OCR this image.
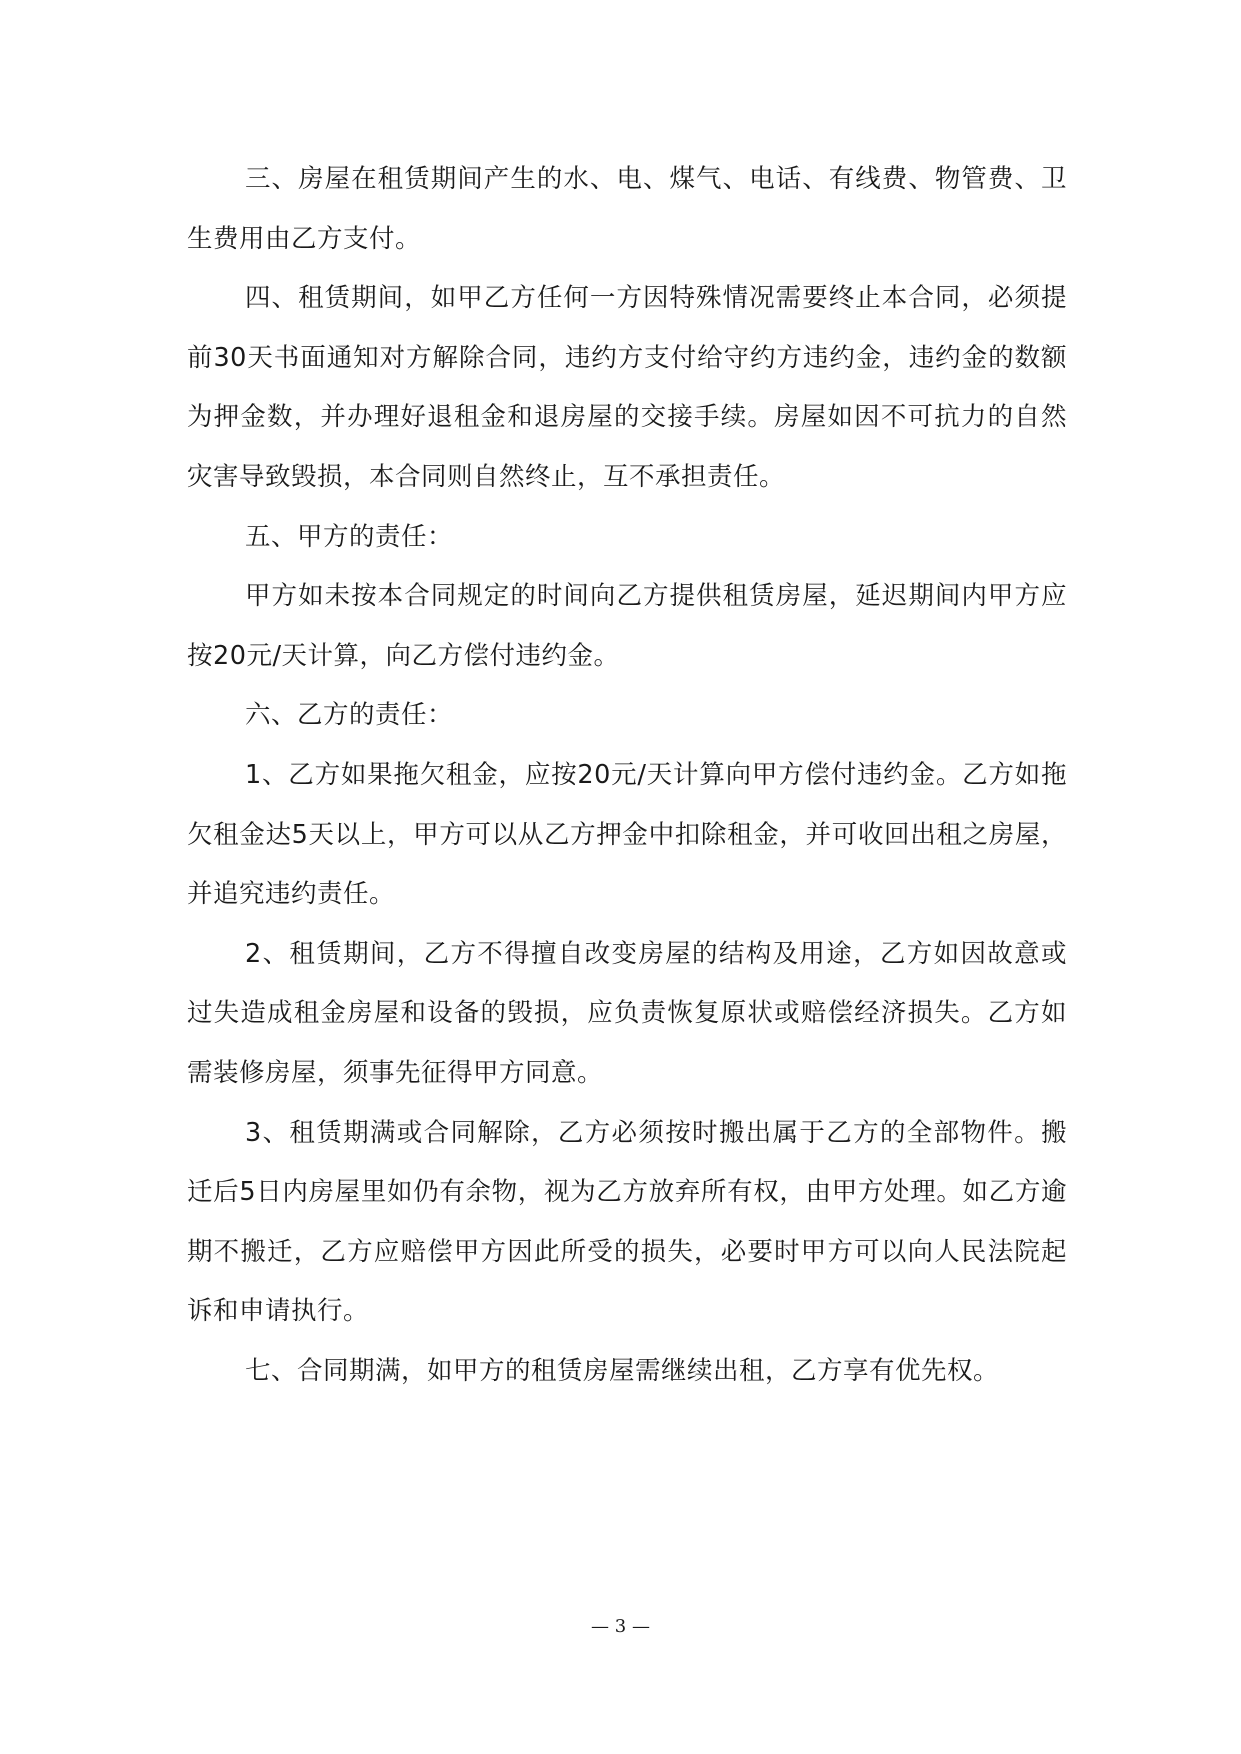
三、房屋在租赁期间产生的水、电、煤气、电话、有线费、物管费、卫生费用由乙方支付。

四、租赁期间，如甲乙方任何一方因特殊情况需要终止本合同，必须提前30天书面通知对方解除合同，违约方支付给守约方违约金，违约金的数额为押金数，并办理好退租金和退房屋的交接手续。房屋如因不可抗力的自然灾害导致毁损，本合同则自然终止，互不承担责任。

五、甲方的责任：

甲方如未按本合同规定的时间向乙方提供租赁房屋，延迟期间内甲方应按20元/天计算，向乙方偿付违约金。

六、乙方的责任：

1、乙方如果拖欠租金，应按20元/天计算向甲方偿付违约金。乙方如拖欠租金达5天以上，甲方可以从乙方押金中扣除租金，并可收回出租之房屋，并追究违约责任。

2、租赁期间，乙方不得擅自改变房屋的结构及用途，乙方如因故意或过失造成租金房屋和设备的毁损，应负责恢复原状或赔偿经济损失。乙方如需装修房屋，须事先征得甲方同意。

3、租赁期满或合同解除，乙方必须按时搬出属于乙方的全部物件。搬迁后5日内房屋里如仍有余物，视为乙方放弃所有权，由甲方处理。如乙方逾期不搬迁，乙方应赔偿甲方因此所受的损失，必要时甲方可以向人民法院起诉和申请执行。

七、合同期满，如甲方的租赁房屋需继续出租，乙方享有优先权。

— 3 —
